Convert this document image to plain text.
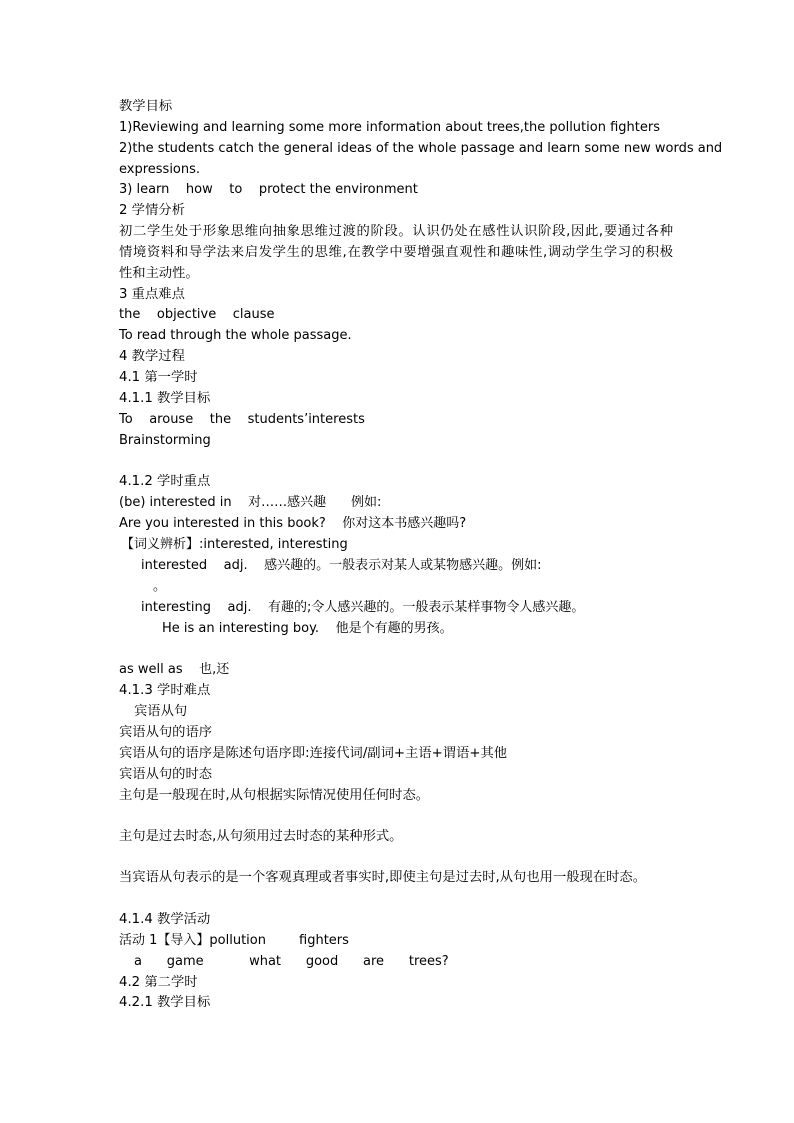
教学目标
1)Reviewing and learning some more information about trees,the pollution fighters
2)the students catch the general ideas of the whole passage and learn some new words and
expressions.
3) learn    how    to    protect the environment
2 学情分析
初二学生处于形象思维向抽象思维过渡的阶段。认识仍处在感性认识阶段,因此,要通过各种
情境资料和导学法来启发学生的思维,在教学中要增强直观性和趣味性,调动学生学习的积极
性和主动性。
3 重点难点
the    objective    clause
To read through the whole passage.
4 教学过程
4.1 第一学时
4.1.1 教学目标
To    arouse    the    students’interests
Brainstorming
4.1.2 学时重点
(be) interested in    对……感兴趣      例如:
Are you interested in this book?    你对这本书感兴趣吗?
【词义辨析】:interested, interesting
interested    adj.    感兴趣的。一般表示对某人或某物感兴趣。例如:
。
interesting    adj.    有趣的;令人感兴趣的。一般表示某样事物令人感兴趣。
He is an interesting boy.    他是个有趣的男孩。
as well as    也,还
4.1.3 学时难点
宾语从句
宾语从句的语序
宾语从句的语序是陈述句语序即:连接代词/副词+主语+谓语+其他
宾语从句的时态
主句是一般现在时,从句根据实际情况使用任何时态。
主句是过去时态,从句须用过去时态的某种形式。
当宾语从句表示的是一个客观真理或者事实时,即使主句是过去时,从句也用一般现在时态。
4.1.4 教学活动
活动 1【导入】pollution        fighters
a      game           what      good      are      trees?
4.2 第二学时
4.2.1 教学目标
